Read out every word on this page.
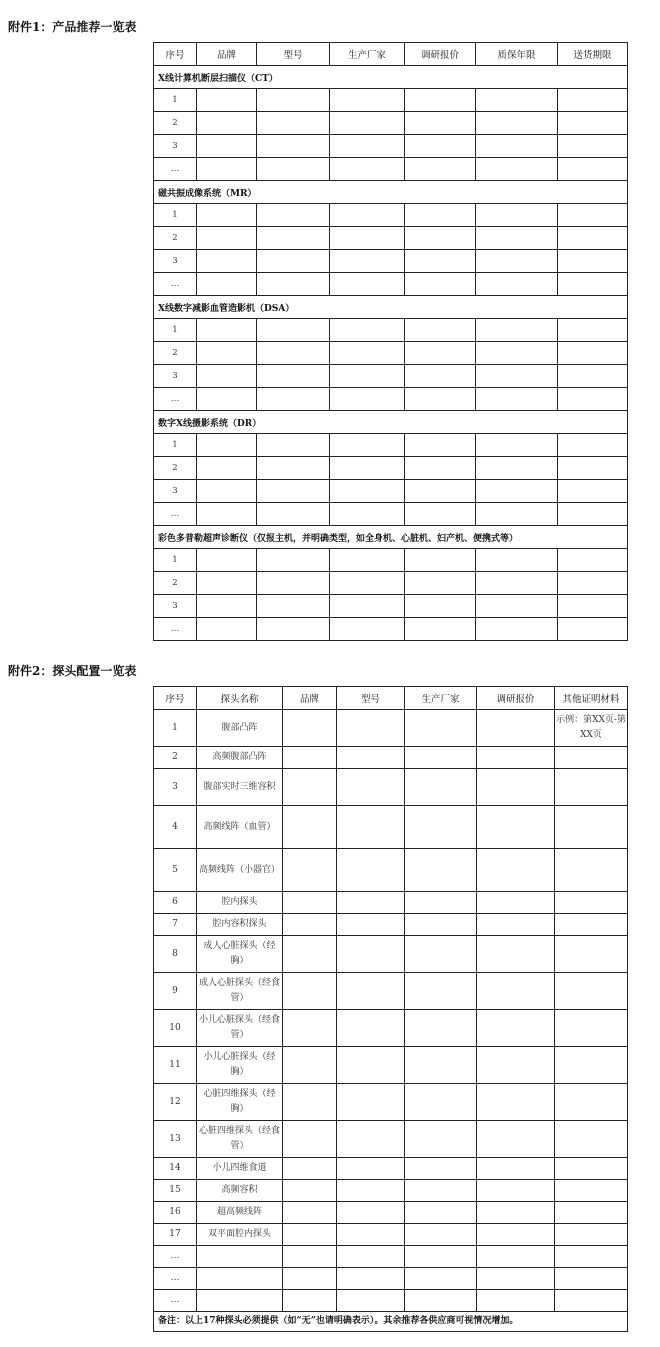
附件1：产品推荐一览表
序号	品牌	型号	生产厂家	调研报价	质保年限	送货期限
X线计算机断层扫描仪（CT）						
1						
2						
3						
…						
磁共振成像系统（MR）						
1						
2						
3						
…						
X线数字减影血管造影机（DSA）						
1						
2						
3						
…						
数字X线摄影系统（DR）						
1						
2						
3						
…						
彩色多普勒超声诊断仪（仅报主机，并明确类型，如全身机、心脏机、妇产机、便携式等）						
1						
2						
3						
…						
附件2：探头配置一览表
序号	探头名称	品牌	型号	生产厂家	调研报价	其他证明材料
1	腹部凸阵					示例：第XX页-第XX页
2	高频腹部凸阵					
3	腹部实时三维容积					
4	高频线阵（血管）					
5	高频线阵（小器官）					
6	腔内探头					
7	腔内容积探头					
8	成人心脏探头（经胸）					
9	成人心脏探头（经食管）					
10	小儿心脏探头（经食管）					
11	小儿心脏探头（经胸）					
12	心脏四维探头（经胸）					
13	心脏四维探头（经食管）					
14	小儿四维食道					
15	高频容积					
16	超高频线阵					
17	双平面腔内探头					
…						
…						
…						
备注：以上17种探头必须提供（如“无”也请明确表示）。其余推荐各供应商可视情况增加。						
